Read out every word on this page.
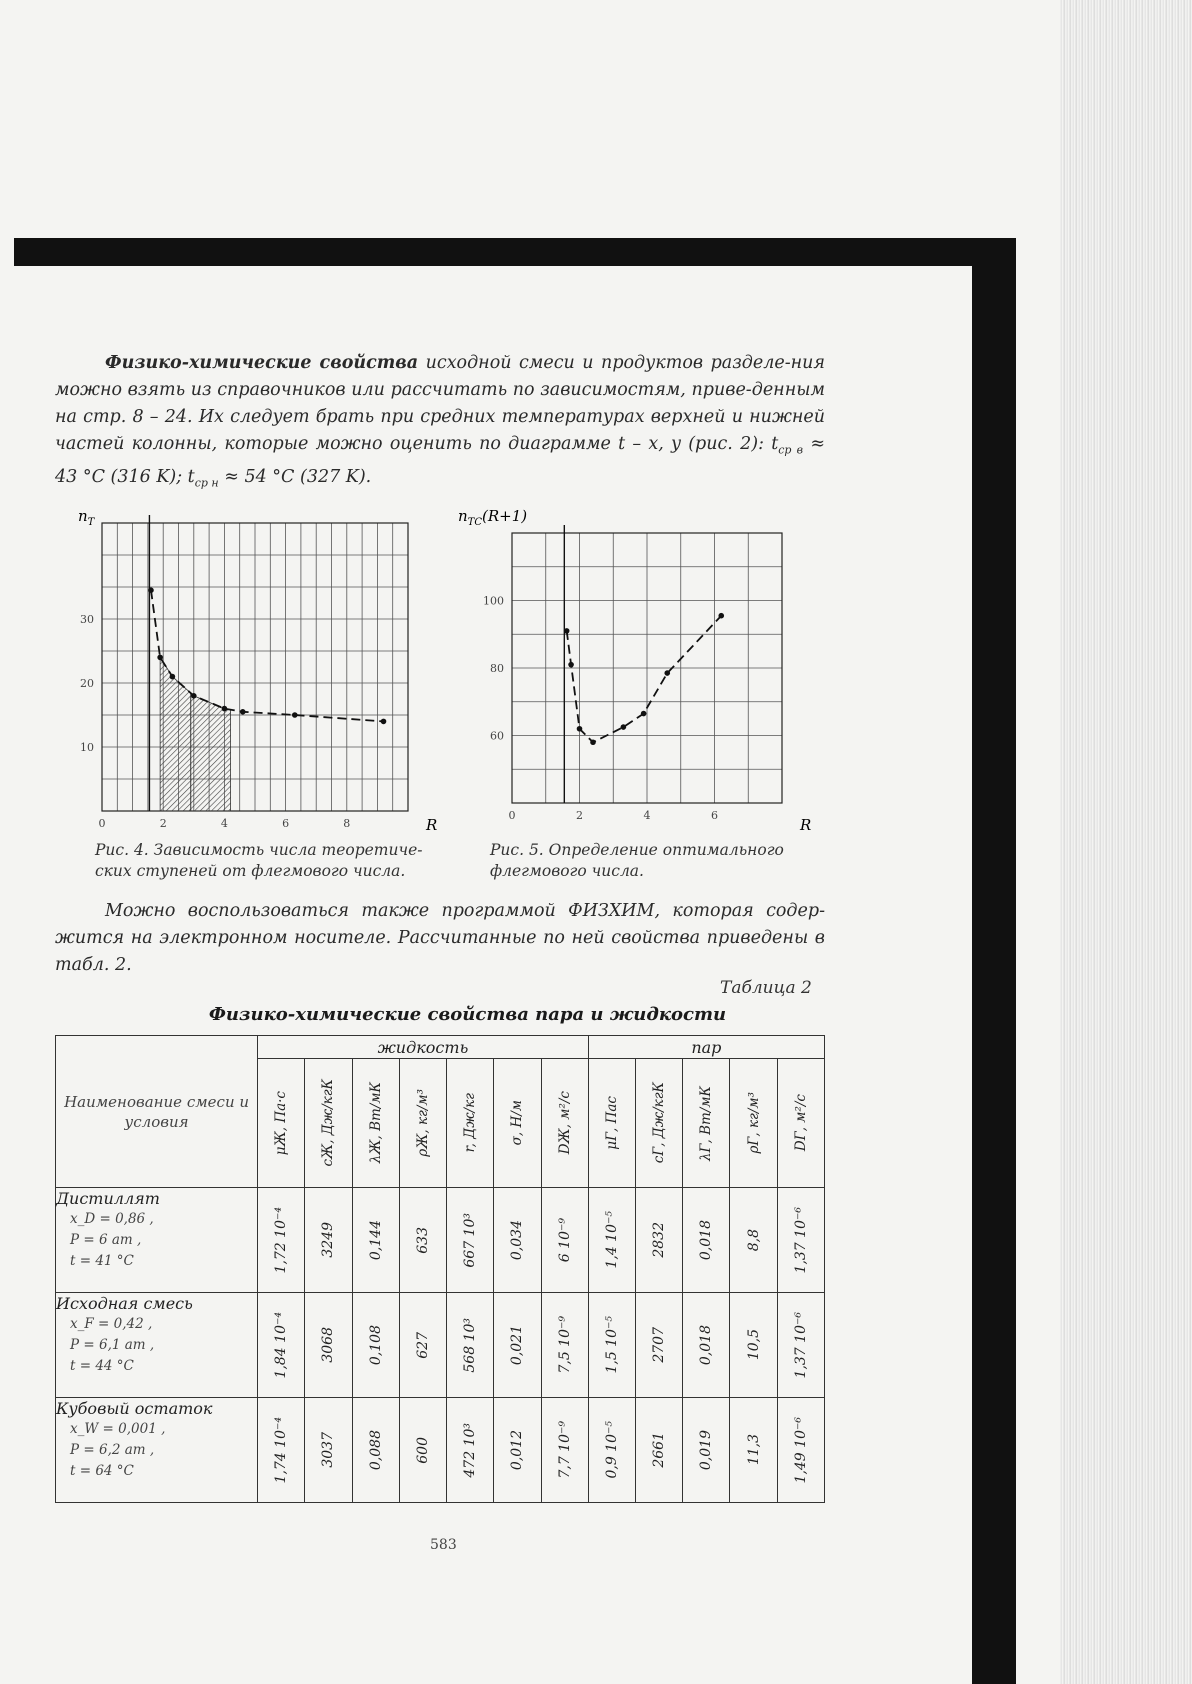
Физико-химические свойства исходной смеси и продуктов разделе-ния можно взять из справочников или рассчитать по зависимостям, приве-денным на стр. 8 – 24. Их следует брать при средних температурах верхней и нижней частей колонны, которые можно оценить по диаграмме t – x, y (рис. 2): $t_{ср в} \approx 43$ °C (316 K); $t_{ср н} \approx 54$ °C (327 K).

$n_Т$
R
0	2	4	6	8
10
20
30
Рис. 4. Зависимость числа теоретиче-ских ступеней от флегмового числа.
$n_{ТС}(R+1)$
R
0	2	4	6
60
80
100
Рис. 5. Определение оптимального флегмового числа.

Можно воспользоваться также программой ФИЗХИМ, которая содер-жится на электронном носителе. Рассчитанные по ней свойства приведены в табл. 2.

Таблица 2
Физико-химические свойства пара и жидкости
Наименование смеси и условия	жидкость							пар				

	μЖ, Па·с	cЖ, Дж/кгК	λЖ, Вт/мК	ρЖ, кг/м³	r, Дж/кг	σ, Н/м	DЖ, м²/с	μГ, Пас	cГ, Дж/кгК	λГ, Вт/мК	ρГ, кг/м³	DГ, м²/с

Дистиллят
x_D = 0,86 ,
P = 6 ат ,
t = 41 °C	1,72 10⁻⁴	3249	0,144	633	667 10³	0,034	6 10⁻⁹	1,4 10⁻⁵	2832	0,018	8,8	1,37 10⁻⁶

Исходная смесь
x_F = 0,42 ,
P = 6,1 ат ,
t = 44 °C	1,84 10⁻⁴	3068	0,108	627	568 10³	0,021	7,5 10⁻⁹	1,5 10⁻⁵	2707	0,018	10,5	1,37 10⁻⁶

Кубовый остаток
x_W = 0,001 ,
P = 6,2 ат ,
t = 64 °C	1,74 10⁻⁴	3037	0,088	600	472 10³	0,012	7,7 10⁻⁹	0,9 10⁻⁵	2661	0,019	11,3	1,49 10⁻⁶
583
